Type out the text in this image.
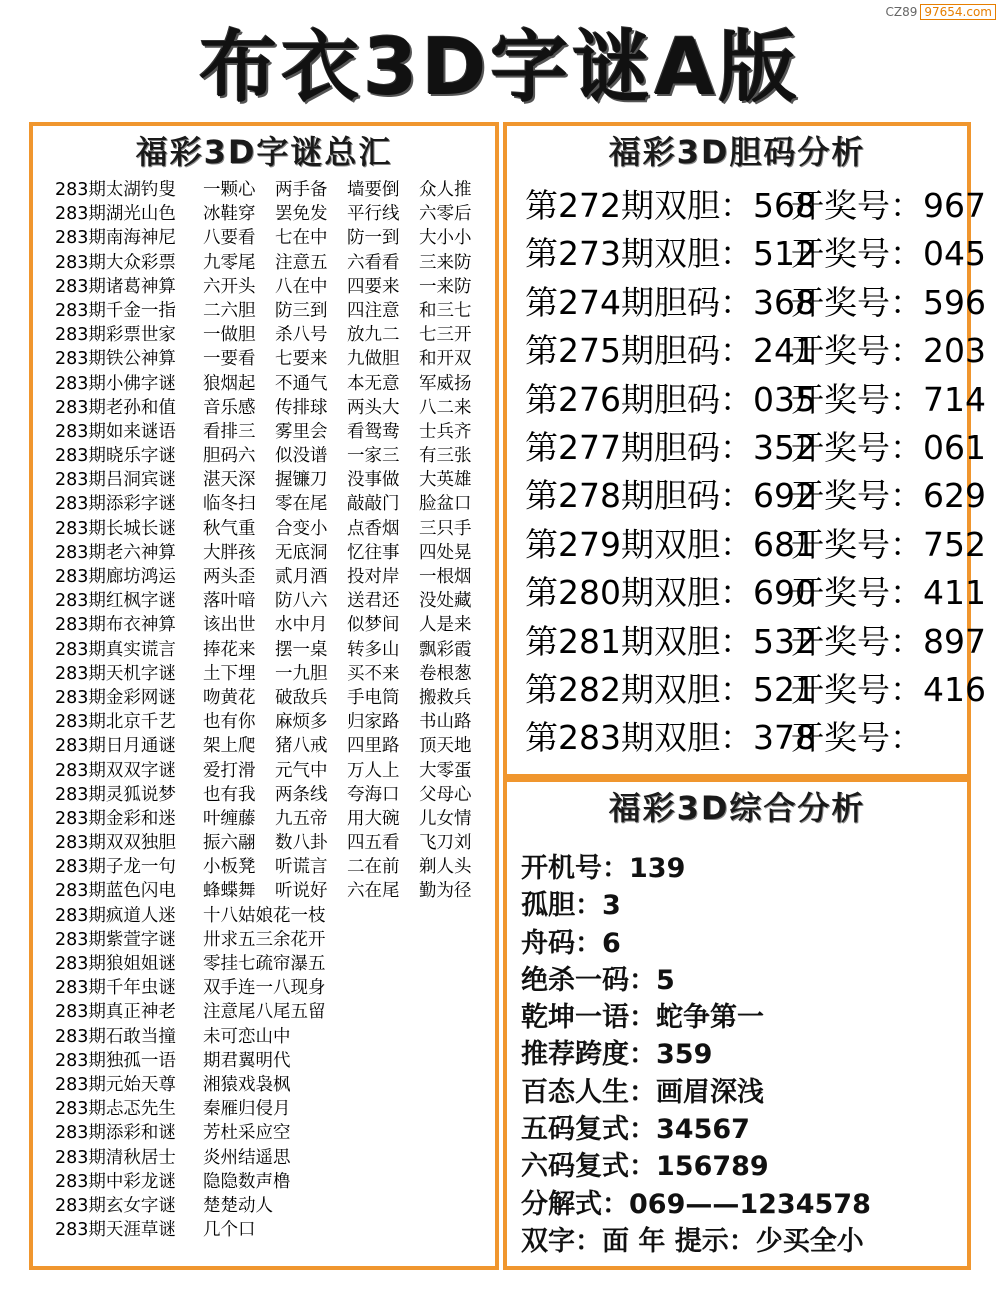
CZ89 97654.com
布衣3D字谜A版
福彩3D字谜总汇
283期太湖钓叟	一颗心	两手备	墙要倒	众人推
283期湖光山色	冰鞋穿	罢免发	平行线	六零后
283期南海神尼	八要看	七在中	防一到	大小小
283期大众彩票	九零尾	注意五	六看看	三来防
283期诸葛神算	六开头	八在中	四要来	一来防
283期千金一指	二六胆	防三到	四注意	和三七
283期彩票世家	一做胆	杀八号	放九二	七三开
283期铁公神算	一要看	七要来	九做胆	和开双
283期小佛字谜	狼烟起	不通气	本无意	军威扬
283期老孙和值	音乐感	传排球	两头大	八二来
283期如来谜语	看排三	雾里会	看鸳鸯	士兵齐
283期晓乐字谜	胆码六	似没谱	一家三	有三张
283期吕洞宾谜	湛天深	握镰刀	没事做	大英雄
283期添彩字谜	临冬扫	零在尾	敲敲门	脸盆口
283期长城长谜	秋气重	合变小	点香烟	三只手
283期老六神算	大胖孩	无底洞	忆往事	四处晃
283期廊坊鸿运	两头歪	贰月酒	投对岸	一根烟
283期红枫字谜	落叶喑	防八六	送君还	没处藏
283期布衣神算	该出世	水中月	似梦间	人是来
283期真实谎言	捧花来	摆一桌	转多山	飘彩霞
283期天机字谜	土下埋	一九胆	买不来	卷根葱
283期金彩网谜	吻黄花	破敌兵	手电筒	搬救兵
283期北京千艺	也有你	麻烦多	归家路	书山路
283期日月通谜	架上爬	猪八戒	四里路	顶天地
283期双双字谜	爱打滑	元气中	万人上	大零蛋
283期灵狐说梦	也有我	两条线	夸海口	父母心
283期金彩和迷	叶缠藤	九五帝	用大碗	儿女情
283期双双独胆	振六翮	数八卦	四五看	飞刀刘
283期子龙一句	小板凳	听谎言	二在前	剃人头
283期蓝色闪电	蜂蝶舞	听说好	六在尾	勤为径
283期疯道人迷	十八姑娘花一枝
283期紫萱字谜	卅求五三余花开
283期狼姐姐谜	零挂七疏帘瀑五
283期千年虫谜	双手连一八现身
283期真正神老	注意尾八尾五留
283期石敢当撞	未可恋山中
283期独孤一语	期君翼明代
283期元始天尊	湘猿戏袅枫
283期忐忑先生	秦雁归侵月
283期添彩和谜	芳杜采应空
283期清秋居士	炎州结遥思
283期中彩龙谜	隐隐数声橹
283期玄女字谜	楚楚动人
283期天涯草谜	几个口
福彩3D胆码分析
第272期双胆：568开奖号：967
第273期双胆：512开奖号：045
第274期胆码：368开奖号：596
第275期胆码：241开奖号：203
第276期胆码：035开奖号：714
第277期胆码：352开奖号：061
第278期胆码：692开奖号：629
第279期双胆：681开奖号：752
第280期双胆：690开奖号：411
第281期双胆：532开奖号：897
第282期双胆：521开奖号：416
第283期双胆：378开奖号：
福彩3D综合分析
开机号：139
孤胆：3
舟码：6
绝杀一码：5
乾坤一语：蛇争第一
推荐跨度：359
百态人生：画眉深浅
五码复式：34567
六码复式：156789
分解式：069——1234578
双字：面 年 提示：少买全小
